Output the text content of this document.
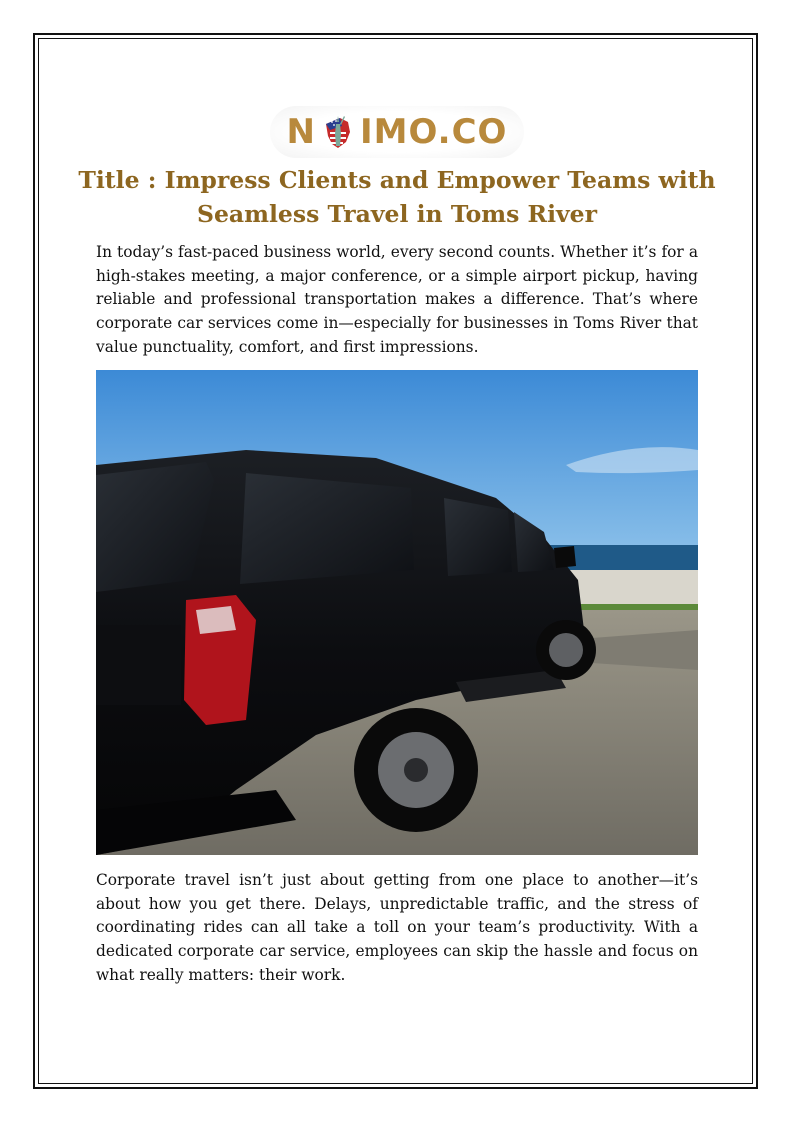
N IMO.CO
Title : Impress Clients and Empower Teams with Seamless Travel in Toms River

In today’s fast-paced business world, every second counts. Whether it’s for a high-stakes meeting, a major conference, or a simple airport pickup, having reliable and professional transportation makes a difference. That’s where corporate car services come in—especially for businesses in Toms River that value punctuality, comfort, and first impressions.

Corporate travel isn’t just about getting from one place to another—it’s about how you get there. Delays, unpredictable traffic, and the stress of coordinating rides can all take a toll on your team’s productivity. With a dedicated corporate car service, employees can skip the hassle and focus on what really matters: their work.
